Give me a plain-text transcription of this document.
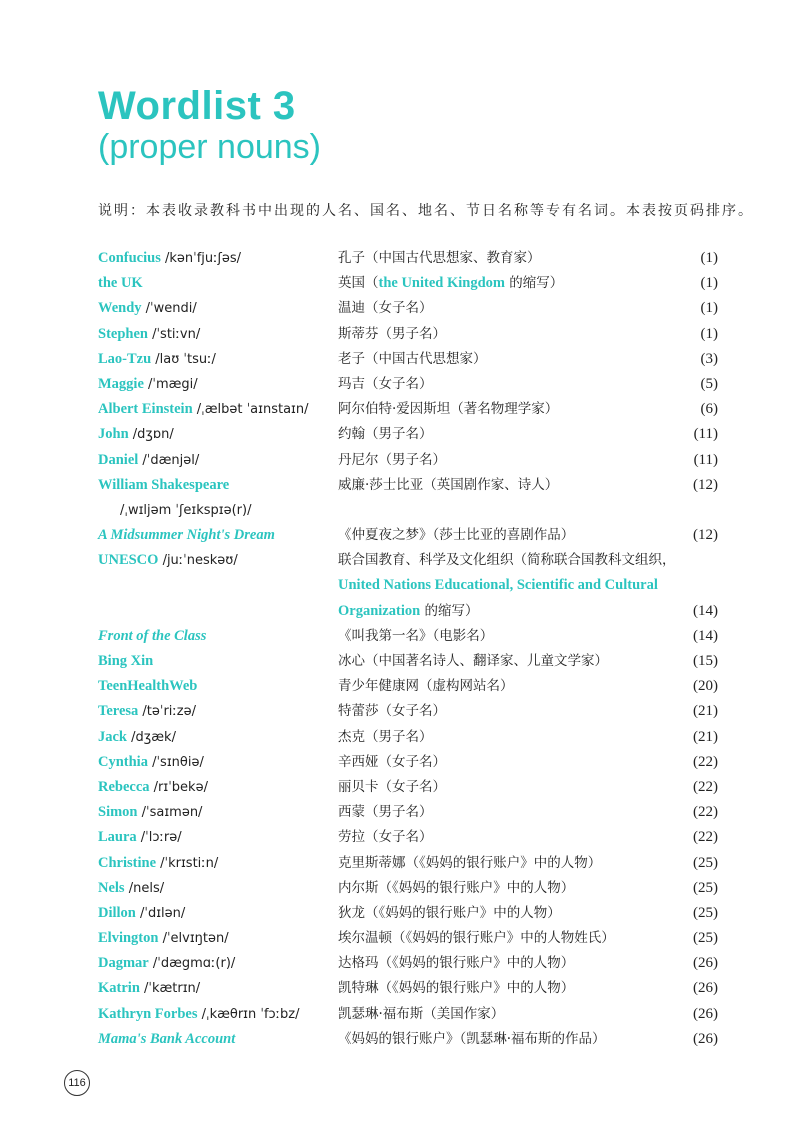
Wordlist 3
(proper nouns)
说明：本表收录教科书中出现的人名、国名、地名、节日名称等专有名词。本表按页码排序。
Confucius /kənˈfjuːʃəs/	孔子（中国古代思想家、教育家）	(1)
the UK	英国（the United Kingdom 的缩写）	(1)
Wendy /ˈwendi/	温迪（女子名）	(1)
Stephen /ˈstiːvn/	斯蒂芬（男子名）	(1)
Lao-Tzu /laʊ ˈtsuː/	老子（中国古代思想家）	(3)
Maggie /ˈmægi/	玛吉（女子名）	(5)
Albert Einstein /ˌælbət ˈaɪnstaɪn/ 阿尔伯特·爱因斯坦（著名物理学家）	(6)
John /dʒɒn/	约翰（男子名）	(11)
Daniel /ˈdænjəl/	丹尼尔（男子名）	(11)
William Shakespeare	威廉·莎士比亚（英国剧作家、诗人）	(12)
/ˌwɪljəm ˈʃeɪkspɪə(r)/
A Midsummer Night's Dream	《仲夏夜之梦》（莎士比亚的喜剧作品）	(12)
UNESCO /juːˈneskəʊ/	联合国教育、科学及文化组织（简称联合国教科文组织，
United Nations Educational, Scientific and Cultural
Organization 的缩写）	(14)
Front of the Class	《叫我第一名》（电影名）	(14)
Bing Xin	冰心（中国著名诗人、翻译家、儿童文学家）	(15)
TeenHealthWeb	青少年健康网（虚构网站名）	(20)
Teresa /təˈriːzə/	特蕾莎（女子名）	(21)
Jack /dʒæk/	杰克（男子名）	(21)
Cynthia /ˈsɪnθiə/	辛西娅（女子名）	(22)
Rebecca /rɪˈbekə/	丽贝卡（女子名）	(22)
Simon /ˈsaɪmən/	西蒙（男子名）	(22)
Laura /ˈlɔːrə/	劳拉（女子名）	(22)
Christine /ˈkrɪstiːn/	克里斯蒂娜（《妈妈的银行账户》中的人物）	(25)
Nels /nels/	内尔斯（《妈妈的银行账户》中的人物）	(25)
Dillon /ˈdɪlən/	狄龙（《妈妈的银行账户》中的人物）	(25)
Elvington /ˈelvɪŋtən/	埃尔温顿（《妈妈的银行账户》中的人物姓氏）	(25)
Dagmar /ˈdægmɑː(r)/	达格玛（《妈妈的银行账户》中的人物）	(26)
Katrin /ˈkætrɪn/	凯特琳（《妈妈的银行账户》中的人物）	(26)
Kathryn Forbes /ˌkæθrɪn ˈfɔːbz/	凯瑟琳·福布斯（美国作家）	(26)
Mama's Bank Account	《妈妈的银行账户》（凯瑟琳·福布斯的作品）	(26)
116
